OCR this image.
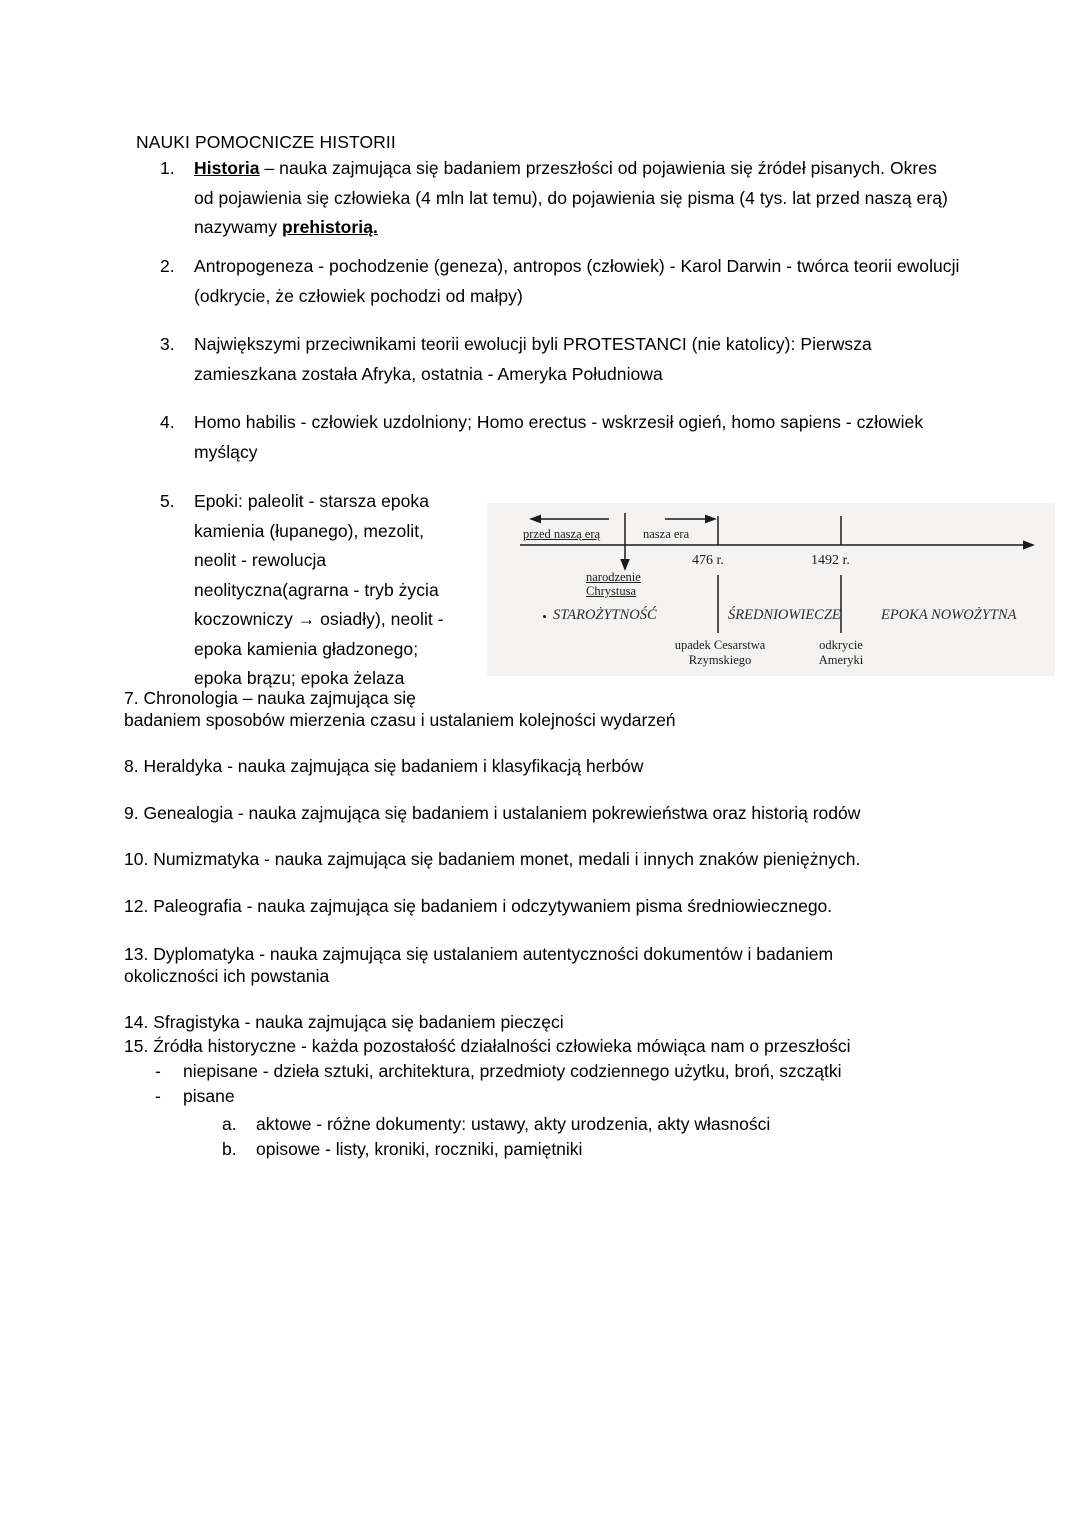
NAUKI POMOCNICZE HISTORII
1.	Historia – nauka zajmująca się badaniem przeszłości od pojawienia się źródeł pisanych. Okres od pojawienia się człowieka (4 mln lat temu), do pojawienia się pisma (4 tys. lat przed naszą erą) nazywamy prehistorią.
2.	Antropogeneza - pochodzenie (geneza), antropos (człowiek) - Karol Darwin - twórca teorii ewolucji (odkrycie, że człowiek pochodzi od małpy)
3.	Największymi przeciwnikami teorii ewolucji byli PROTESTANCI (nie katolicy): Pierwsza zamieszkana została Afryka, ostatnia - Ameryka Południowa
4.	Homo habilis - człowiek uzdolniony; Homo erectus - wskrzesił ogień, homo sapiens - człowiek myślący
5.	Epoki: paleolit - starsza epoka kamienia (łupanego), mezolit, neolit - rewolucja neolityczna(agrarna - tryb życia koczowniczy → osiadły), neolit - epoka kamienia gładzonego; epoka brązu; epoka żelaza
przed naszą erą	nasza era
narodzenie
Chrystusa
476 r.	1492 r.
STAROŻYTNOŚĆ	ŚREDNIOWIECZE	EPOKA NOWOŻYTNA
upadek Cesarstwa
Rzymskiego
odkrycie
Ameryki
7. Chronologia – nauka zajmująca się
badaniem sposobów mierzenia czasu i ustalaniem kolejności wydarzeń
8. Heraldyka - nauka zajmująca się badaniem i klasyfikacją herbów
9. Genealogia - nauka zajmująca się badaniem i ustalaniem pokrewieństwa oraz historią rodów
10. Numizmatyka - nauka zajmująca się badaniem monet, medali i innych znaków pieniężnych.
12. Paleografia - nauka zajmująca się badaniem i odczytywaniem pisma średniowiecznego.
13. Dyplomatyka - nauka zajmująca się ustalaniem autentyczności dokumentów i badaniem
okoliczności ich powstania
14. Sfragistyka - nauka zajmująca się badaniem pieczęci
15. Źródła historyczne - każda pozostałość działalności człowieka mówiąca nam o przeszłości
- niepisane - dzieła sztuki, architektura, przedmioty codziennego użytku, broń, szczątki
- pisane
a. aktowe - różne dokumenty: ustawy, akty urodzenia, akty własności
b. opisowe - listy, kroniki, roczniki, pamiętniki
